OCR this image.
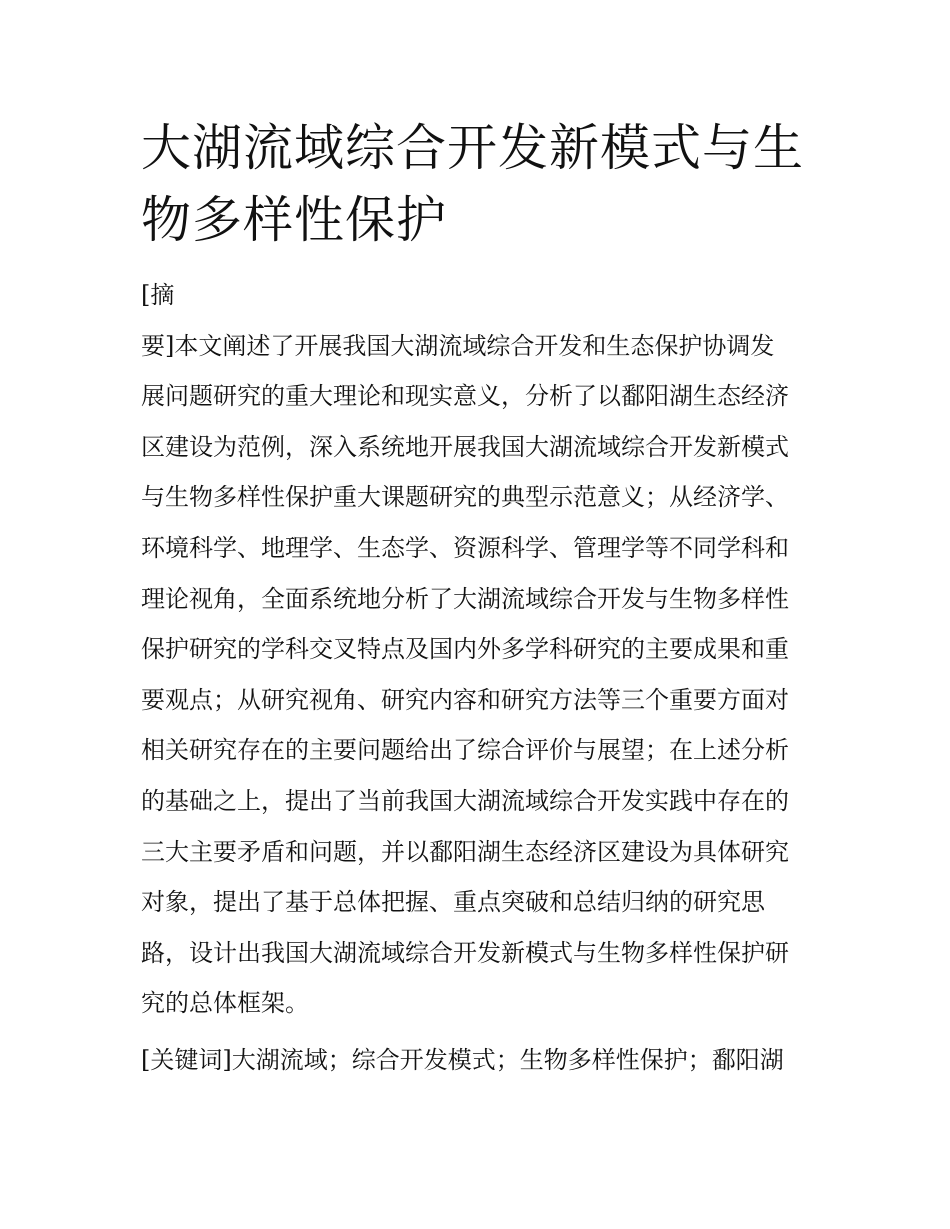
大湖流域综合开发新模式与生
物多样性保护
[摘
要]本文阐述了开展我国大湖流域综合开发和生态保护协调发
展问题研究的重大理论和现实意义，分析了以鄱阳湖生态经济
区建设为范例，深入系统地开展我国大湖流域综合开发新模式
与生物多样性保护重大课题研究的典型示范意义；从经济学、
环境科学、地理学、生态学、资源科学、管理学等不同学科和
理论视角，全面系统地分析了大湖流域综合开发与生物多样性
保护研究的学科交叉特点及国内外多学科研究的主要成果和重
要观点；从研究视角、研究内容和研究方法等三个重要方面对
相关研究存在的主要问题给出了综合评价与展望；在上述分析
的基础之上，提出了当前我国大湖流域综合开发实践中存在的
三大主要矛盾和问题，并以鄱阳湖生态经济区建设为具体研究
对象，提出了基于总体把握、重点突破和总结归纳的研究思
路，设计出我国大湖流域综合开发新模式与生物多样性保护研
究的总体框架。
[关键词]大湖流域；综合开发模式；生物多样性保护；鄱阳湖
